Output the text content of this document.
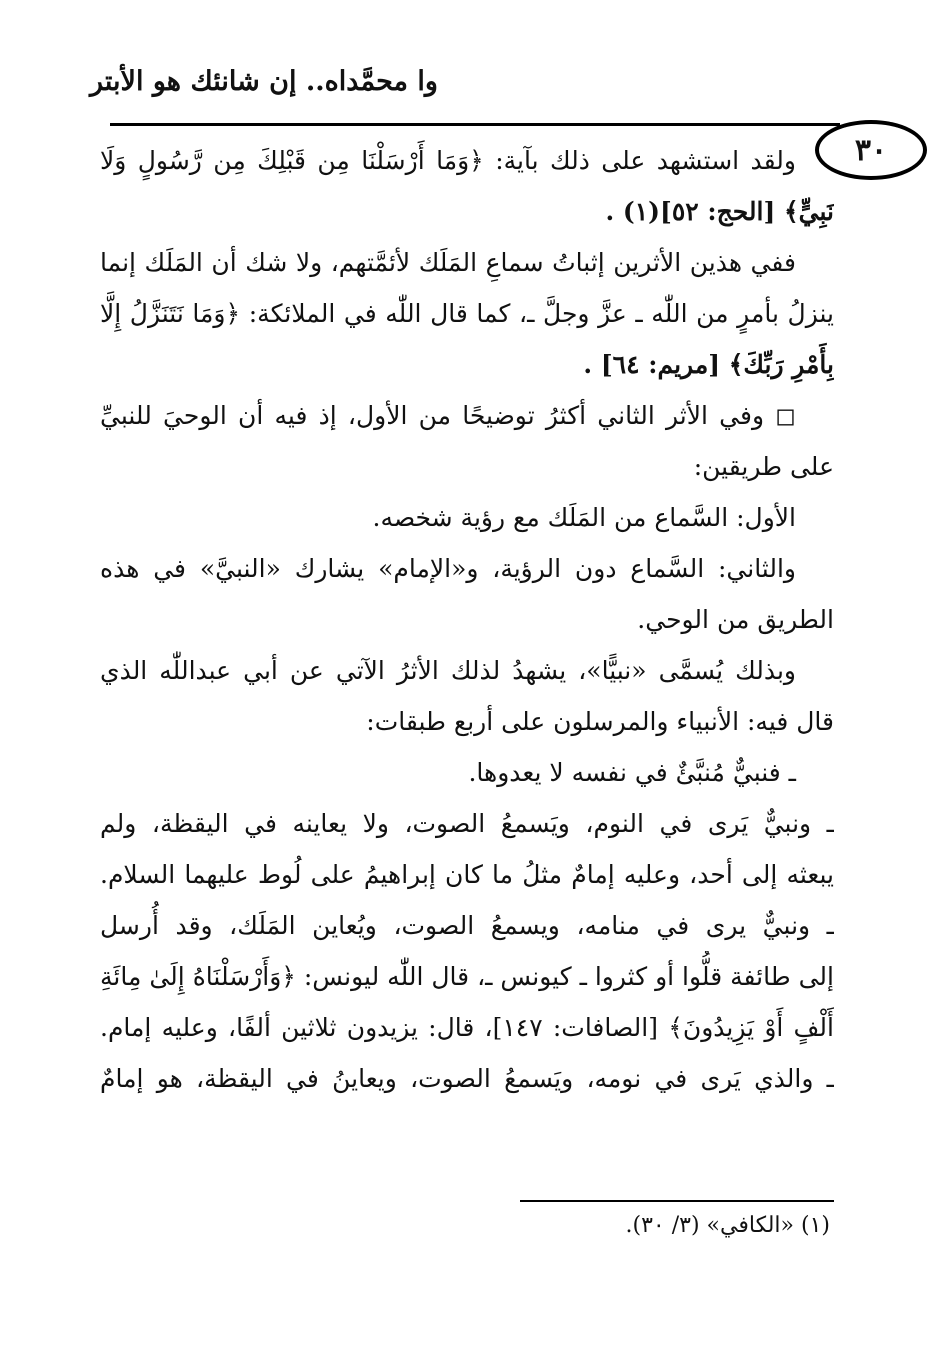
٣٠
وا محمَّداه.. إن شانئك هو الأبتر
ولقد استشهد على ذلك بآية: ﴿وَمَا أَرْسَلْنَا مِن قَبْلِكَ مِن رَّسُولٍ وَلَا
نَبِيٍّ﴾ [الحج: ٥٢](١) .
ففي هذين الأثرين إثباتُ سماعِ المَلَك لأئمَّتهم، ولا شك أن المَلَك إنما
ينزلُ بأمرٍ من اللّٰه ـ عزَّ وجلَّ ـ، كما قال اللّٰه في الملائكة: ﴿وَمَا نَتَنَزَّلُ إِلَّا
بِأَمْرِ رَبِّكَ﴾ [مريم: ٦٤] .
◻ وفي الأثر الثاني أكثرُ توضيحًا من الأول، إذ فيه أن الوحيَ للنبيِّ
على طريقين:
الأول: السَّماع من المَلَك مع رؤية شخصه.
والثاني: السَّماع دون الرؤية، و«الإمام» يشارك «النبيَّ» في هذه
الطريق من الوحي.
وبذلك يُسمَّى «نبيًّا»، يشهدُ لذلك الأثرُ الآتي عن أبي عبداللّٰه الذي
قال فيه: الأنبياء والمرسلون على أربع طبقات:
ـ فنبيٌّ مُنبَّئٌ في نفسه لا يعدوها.
ـ ونبيٌّ يَرى في النوم، ويَسمعُ الصوت، ولا يعاينه في اليقظة، ولم
يبعثه إلى أحد، وعليه إمامٌ مثلُ ما كان إبراهيمُ على لُوط عليهما السلام.
ـ ونبيٌّ يرى في منامه، ويسمعُ الصوت، ويُعاين المَلَك، وقد أُرسل
إلى طائفة قلُّوا أو كثروا ـ كيونس ـ، قال اللّٰه ليونس: ﴿وَأَرْسَلْنَاهُ إِلَىٰ مِائَةِ
أَلْفٍ أَوْ يَزِيدُونَ﴾ [الصافات: ١٤٧]، قال: يزيدون ثلاثين ألفًا، وعليه إمام.
ـ والذي يَرى في نومه، ويَسمعُ الصوت، ويعاينُ في اليقظة، هو إمامٌ
(١) «الكافي» (٣/ ٣٠).
